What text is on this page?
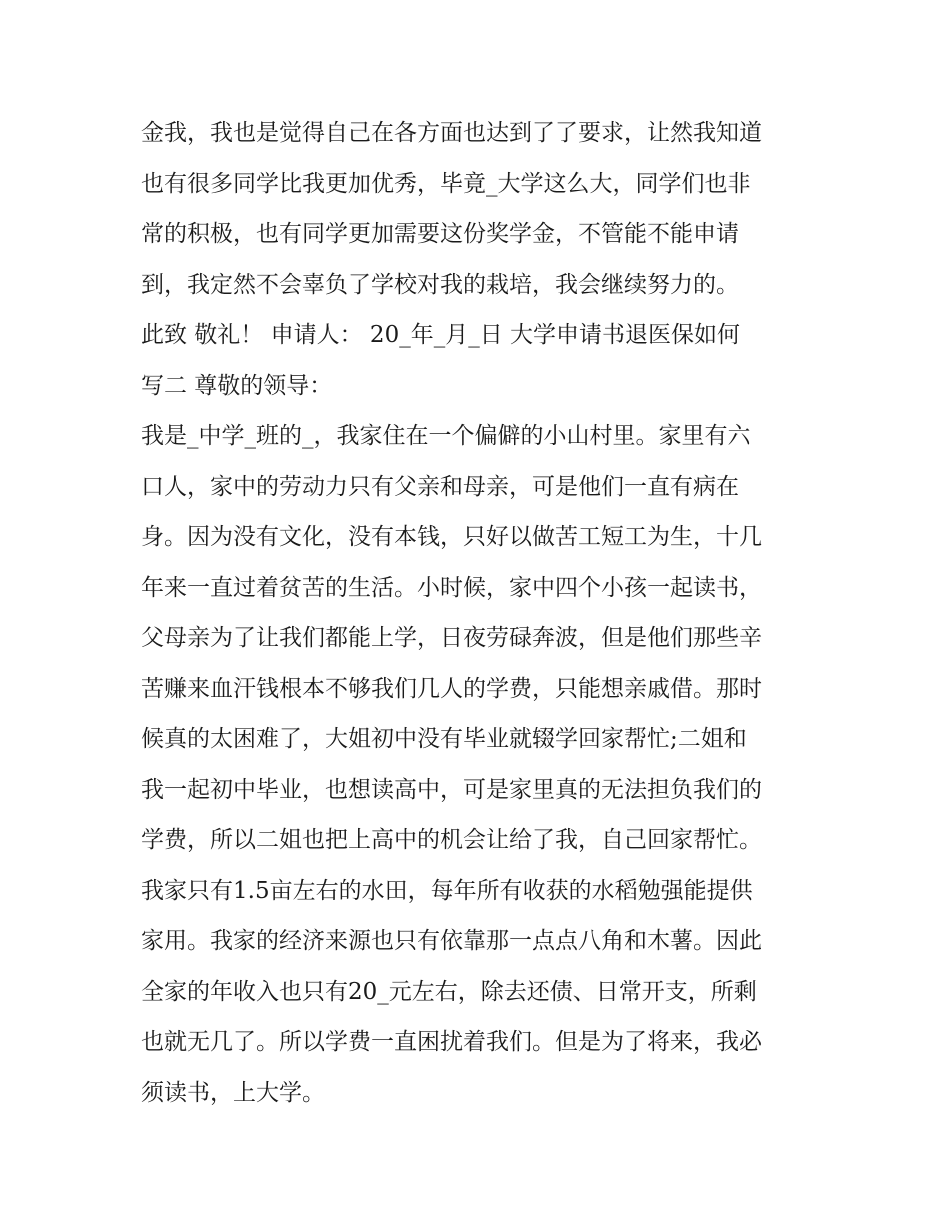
金我，我也是觉得自己在各方面也达到了了要求，让然我知道
也有很多同学比我更加优秀，毕竟_大学这么大，同学们也非
常的积极，也有同学更加需要这份奖学金，不管能不能申请
到，我定然不会辜负了学校对我的栽培，我会继续努力的。
此致 敬礼！ 申请人： 20_年_月_日 大学申请书退医保如何
写二 尊敬的领导：
我是_中学_班的_，我家住在一个偏僻的小山村里。家里有六
口人，家中的劳动力只有父亲和母亲，可是他们一直有病在
身。因为没有文化，没有本钱，只好以做苦工短工为生，十几
年来一直过着贫苦的生活。小时候，家中四个小孩一起读书，
父母亲为了让我们都能上学，日夜劳碌奔波，但是他们那些辛
苦赚来血汗钱根本不够我们几人的学费，只能想亲戚借。那时
候真的太困难了，大姐初中没有毕业就辍学回家帮忙;二姐和
我一起初中毕业，也想读高中，可是家里真的无法担负我们的
学费，所以二姐也把上高中的机会让给了我，自己回家帮忙。
我家只有1.5亩左右的水田，每年所有收获的水稻勉强能提供
家用。我家的经济来源也只有依靠那一点点八角和木薯。因此
全家的年收入也只有20_元左右，除去还债、日常开支，所剩
也就无几了。所以学费一直困扰着我们。但是为了将来，我必
须读书，上大学。
